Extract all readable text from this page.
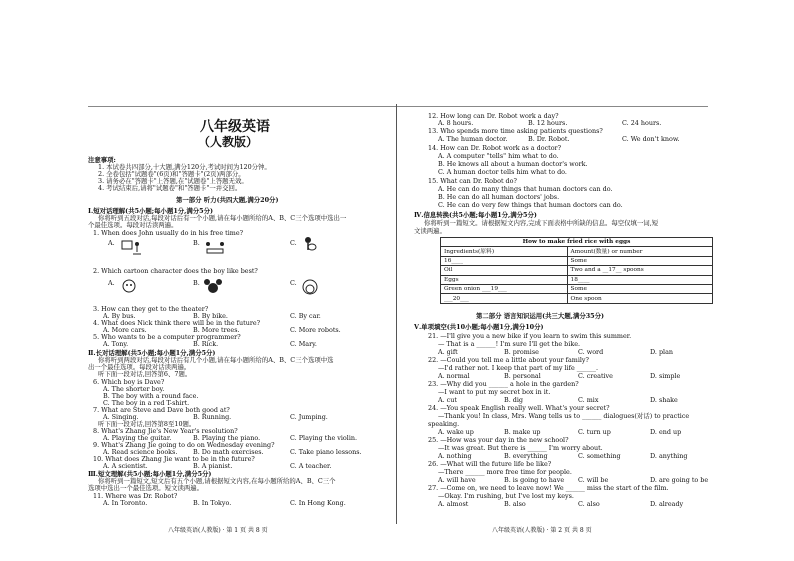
八年级英语
（人教版）
注意事项:
1. 本试卷共四部分,十大题,满分120分,考试时间为120分钟。
2. 全卷包括"试题卷"(6页)和"答题卡"(2页)两部分。
3. 请务必在"答题卡"上答题,在"试题卷"上答题无效。
4. 考试结束后,请将"试题卷"和"答题卡"一并交回。
第一部分 听力(共四大题,满分20分)
Ⅰ.短对话理解(共5小题;每小题1分,满分5分)
你将听到五段对话,每段对话后有一个小题,请在每小题所给的A、B、C三个选项中选出一
个最佳选项。每段对话读两遍。
1. When does John usually do in his free time?
A.	B.	C.
2. Which cartoon character does the boy like best?
A.	B.	C.
3. How can they get to the theater?
A. By bus.	B. By bike.	C. By car.
4. What does Nick think there will be in the future?
A. More cars.	B. More trees.	C. More robots.
5. Who wants to be a computer programmer?
A. Tony.	B. Rick.	C. Mary.
Ⅱ.长对话理解(共5小题;每小题1分,满分5分)
你将听到两段对话,每段对话后有几个小题,请在每小题所给的A、B、C三个选项中选
出一个最佳选项。每段对话读两遍。
听下面一段对话,回答第6、7题。
6. Which boy is Dave?
A. The shorter boy.
B. The boy with a round face.
C. The boy in a red T-shirt.
7. What are Steve and Dave both good at?
A. Singing.	B. Running.	C. Jumping.
听下面一段对话,回答第8至10题。
8. What's Zhang Jie's New Year's resolution?
A. Playing the guitar.	B. Playing the piano.	C. Playing the violin.
9. What's Zhang Jie going to do on Wednesday evening?
A. Read science books. B. Do math exercises.	C. Take piano lessons.
10. What does Zhang Jie want to be in the future?
A. A scientist.	B. A pianist.	C. A teacher.
Ⅲ.短文理解(共5小题;每小题1分,满分5分)
你将听到一篇短文,短文后有五个小题,请根据短文内容,在每小题所给的A、B、C三个
选项中选出一个最佳选项。短文读两遍。
11. Where was Dr. Robot?
A. In Toronto.	B. In Tokyo.	C. In Hong Kong.
八年级英语(人教版) · 第 1 页 共 8 页
12. How long can Dr. Robot work a day?
A. 8 hours.	B. 12 hours.	C. 24 hours.
13. Who spends more time asking patients questions?
A. The human doctor.	B. Dr. Robot.	C. We don't know.
14. How can Dr. Robot work as a doctor?
A. A computer "tells" him what to do.
B. He knows all about a human doctor's work.
C. A human doctor tells him what to do.
15. What can Dr. Robot do?
A. He can do many things that human doctors can do.
B. He can do all human doctors' jobs.
C. He can do very few things that human doctors can do.
Ⅳ.信息转换(共5小题;每小题1分,满分5分)
你将听到一篇短文。请根据短文内容,完成下面表格中所缺的信息。每空仅填一词,短
文读两遍。
How to make fried rice with eggs	
Ingredients(原料)	Amount(数量) or number
16____	Some
Oil	Two and a __17__ spoons
Eggs	18____
Green onion ___19___	Some
___20___	One spoon
第二部分 语言知识运用(共三大题,满分35分)
Ⅴ.单项填空(共10小题;每小题1分,满分10分)
21. —I'll give you a new bike if you learn to swim this summer.
— That is a ______! I'm sure I'll get the bike.
A. gift	B. promise	C. word	D. plan
22. —Could you tell me a little about your family?
—I'd rather not. I keep that part of my life ______.
A. normal	B. personal	C. creative	D. simple
23. —Why did you ______ a hole in the garden?
—I want to put my secret box in it.
A. cut	B. dig	C. mix	D. shake
24. —You speak English really well. What's your secret?
—Thank you! In class, Mrs. Wang tells us to ______ dialogues(对话) to practice
speaking.
A. wake up	B. make up	C. turn up	D. end up
25. —How was your day in the new school?
—It was great. But there is ______ I'm worry about.
A. nothing	B. everything	C. something	D. anything
26. —What will the future life be like?
—There ______ more free time for people.
A. will have	B. is going to have C. will be	D. are going to be
27. —Come on, we need to leave now! We ______ miss the start of the film.
—Okay. I'm rushing, but I've lost my keys.
A. almost	B. also	C. also	D. already
八年级英语(人教版) · 第 2 页 共 8 页
